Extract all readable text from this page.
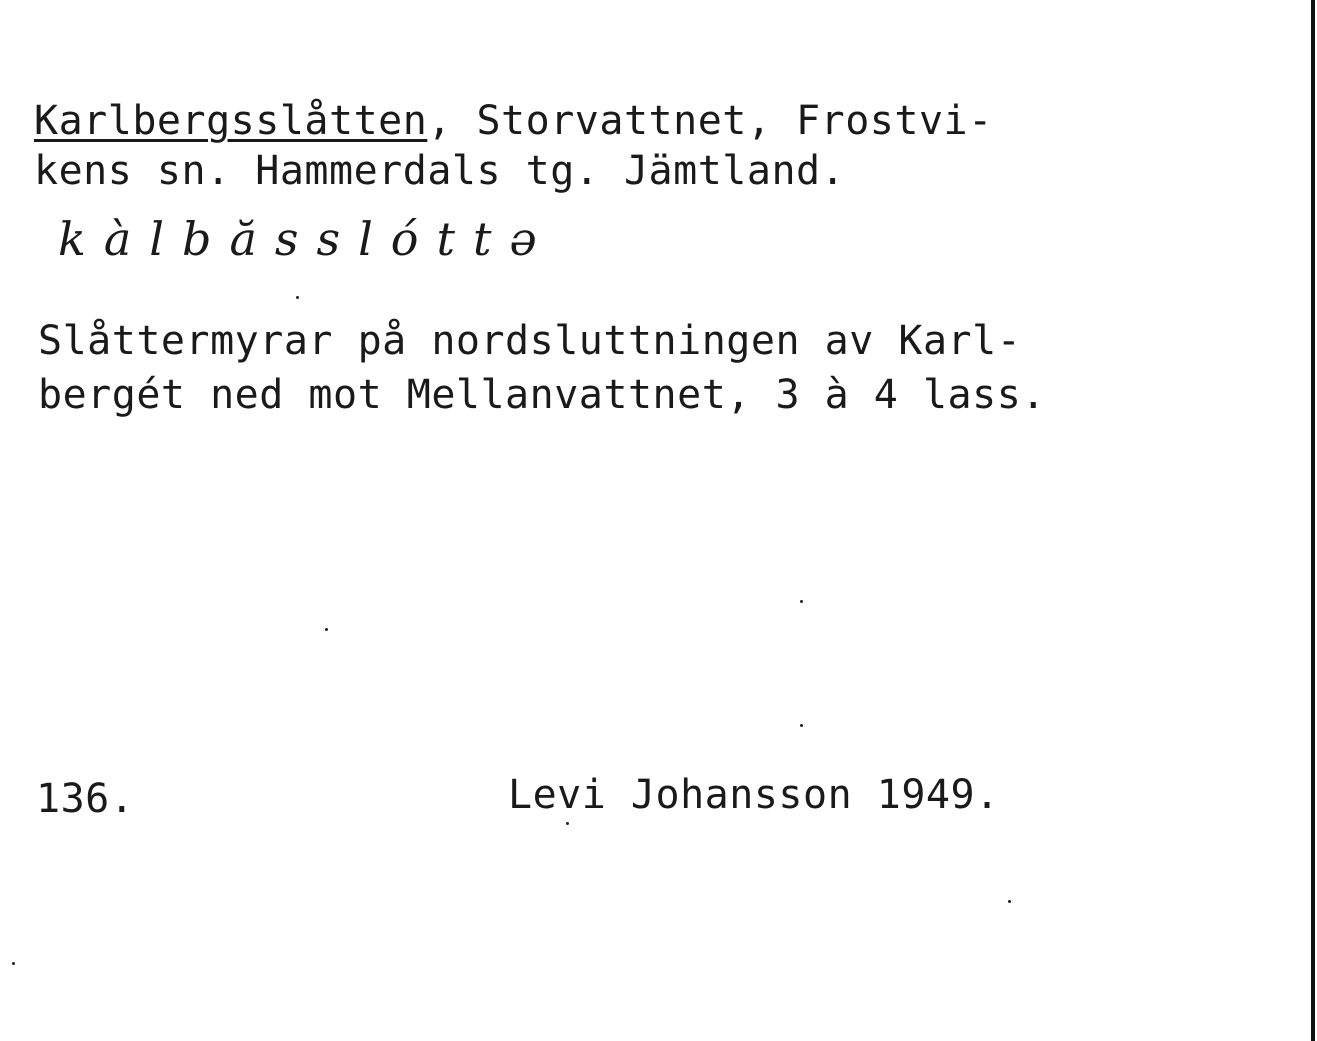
Karlbergsslåtten, Storvattnet, Frostvi-
kens sn. Hammerdals tg. Jämtland.
kàlbăsslóttə
Slåttermyrar på nordsluttningen av Karl-
bergét ned mot Mellanvattnet, 3 à 4 lass.
136.	Levi Johansson 1949.
